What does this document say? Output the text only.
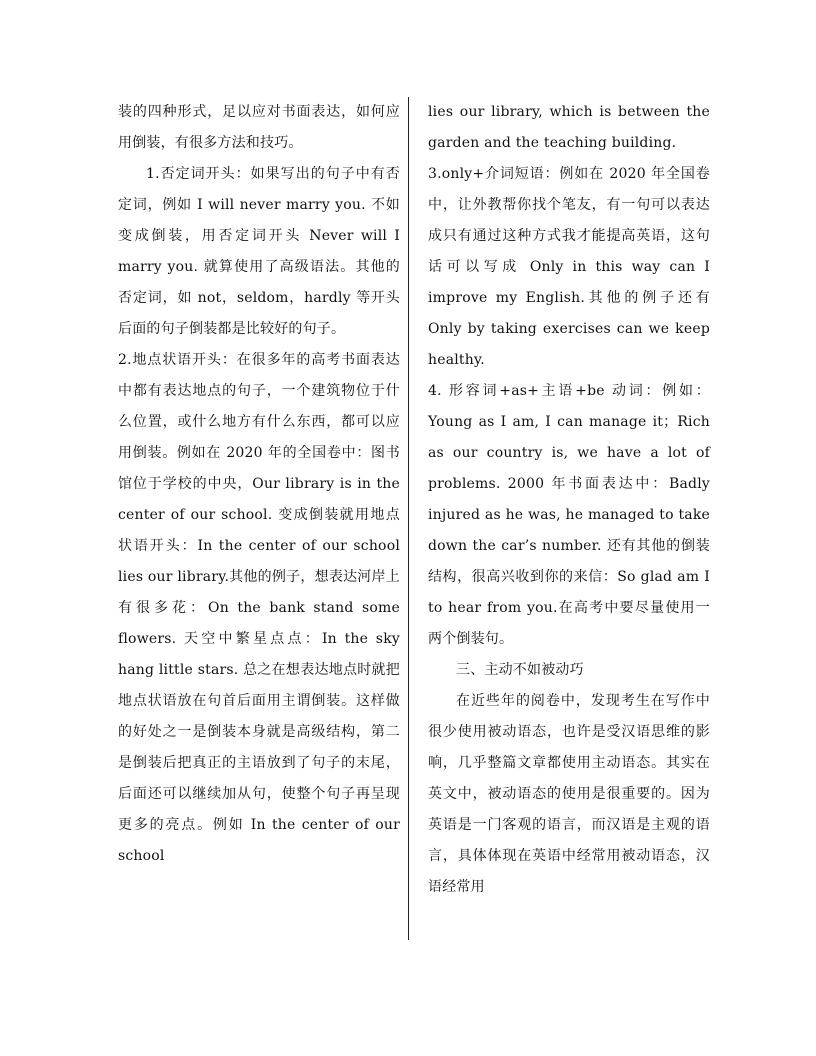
装的四种形式，足以应对书面表达，如何应用倒装，有很多方法和技巧。

1.否定词开头：如果写出的句子中有否定词，例如 I will never marry you. 不如变成倒装，用否定词开头 Never will I marry you. 就算使用了高级语法。其他的否定词，如 not，seldom，hardly 等开头后面的句子倒装都是比较好的句子。

2.地点状语开头：在很多年的高考书面表达中都有表达地点的句子，一个建筑物位于什么位置，或什么地方有什么东西，都可以应用倒装。例如在 2020 年的全国卷中：图书馆位于学校的中央，Our library is in the center of our school. 变成倒装就用地点状语开头：In the center of our school lies our library.其他的例子，想表达河岸上有很多花：On the bank stand some flowers. 天空中繁星点点：In the sky hang little stars. 总之在想表达地点时就把地点状语放在句首后面用主谓倒装。这样做的好处之一是倒装本身就是高级结构，第二是倒装后把真正的主语放到了句子的末尾，后面还可以继续加从句，使整个句子再呈现更多的亮点。例如 In the center of our school

lies our library, which is between the garden and the teaching building.

3.only+介词短语：例如在 2020 年全国卷中，让外教帮你找个笔友，有一句可以表达成只有通过这种方式我才能提高英语，这句话可以写成 Only in this way can I improve my English.其他的例子还有 Only by taking exercises can we keep healthy.

4. 形容词+as+主语+be 动词：例如：Young as I am, I can manage it；Rich as our country is, we have a lot of problems. 2000 年书面表达中：Badly injured as he was, he managed to take down the car’s number. 还有其他的倒装结构，很高兴收到你的来信：So glad am I to hear from you.在高考中要尽量使用一两个倒装句。

三、主动不如被动巧

在近些年的阅卷中，发现考生在写作中很少使用被动语态，也许是受汉语思维的影响，几乎整篇文章都使用主动语态。其实在英文中，被动语态的使用是很重要的。因为英语是一门客观的语言，而汉语是主观的语言，具体体现在英语中经常用被动语态，汉语经常用
